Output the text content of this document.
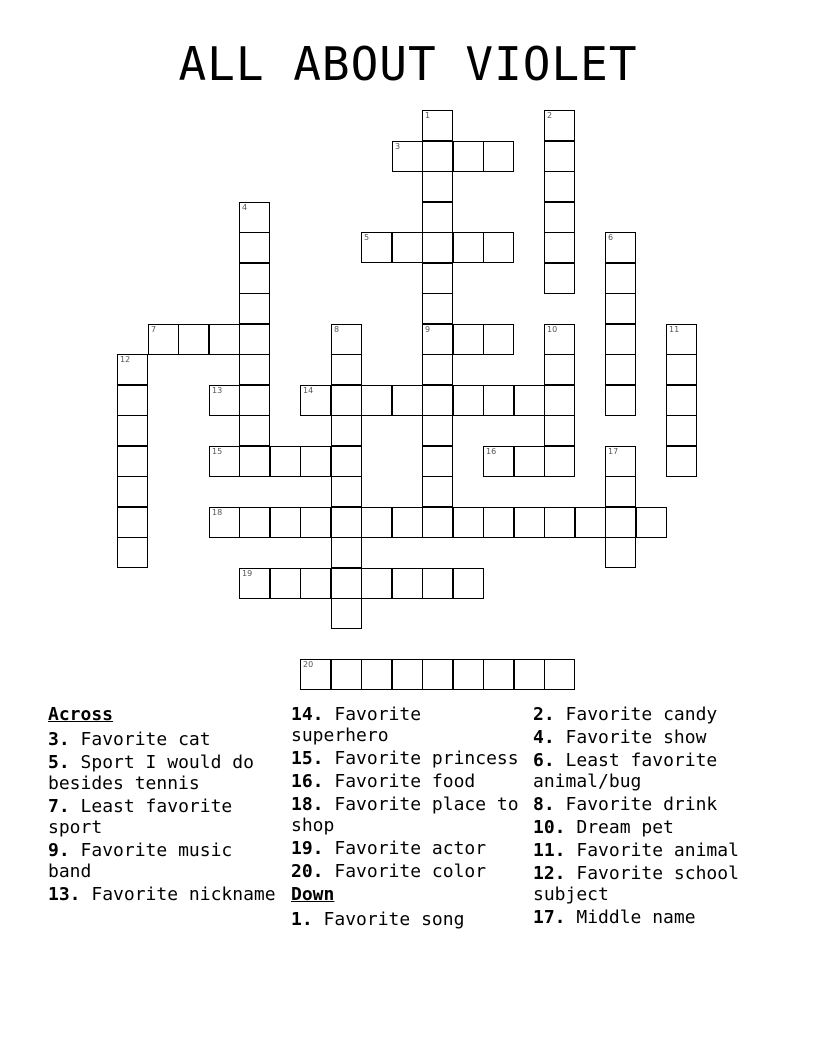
ALL ABOUT VIOLET
1	2
3
4
5	6
7	8	9	10	11
12
13	14
15	16	17
18
19
20
Across
3. Favorite cat
5. Sport I would do besides tennis
7. Least favorite sport
9. Favorite music band
13. Favorite nickname
14. Favorite superhero
15. Favorite princess
16. Favorite food
18. Favorite place to shop
19. Favorite actor
20. Favorite color
Down
1. Favorite song
2. Favorite candy
4. Favorite show
6. Least favorite animal/bug
8. Favorite drink
10. Dream pet
11. Favorite animal
12. Favorite school subject
17. Middle name
